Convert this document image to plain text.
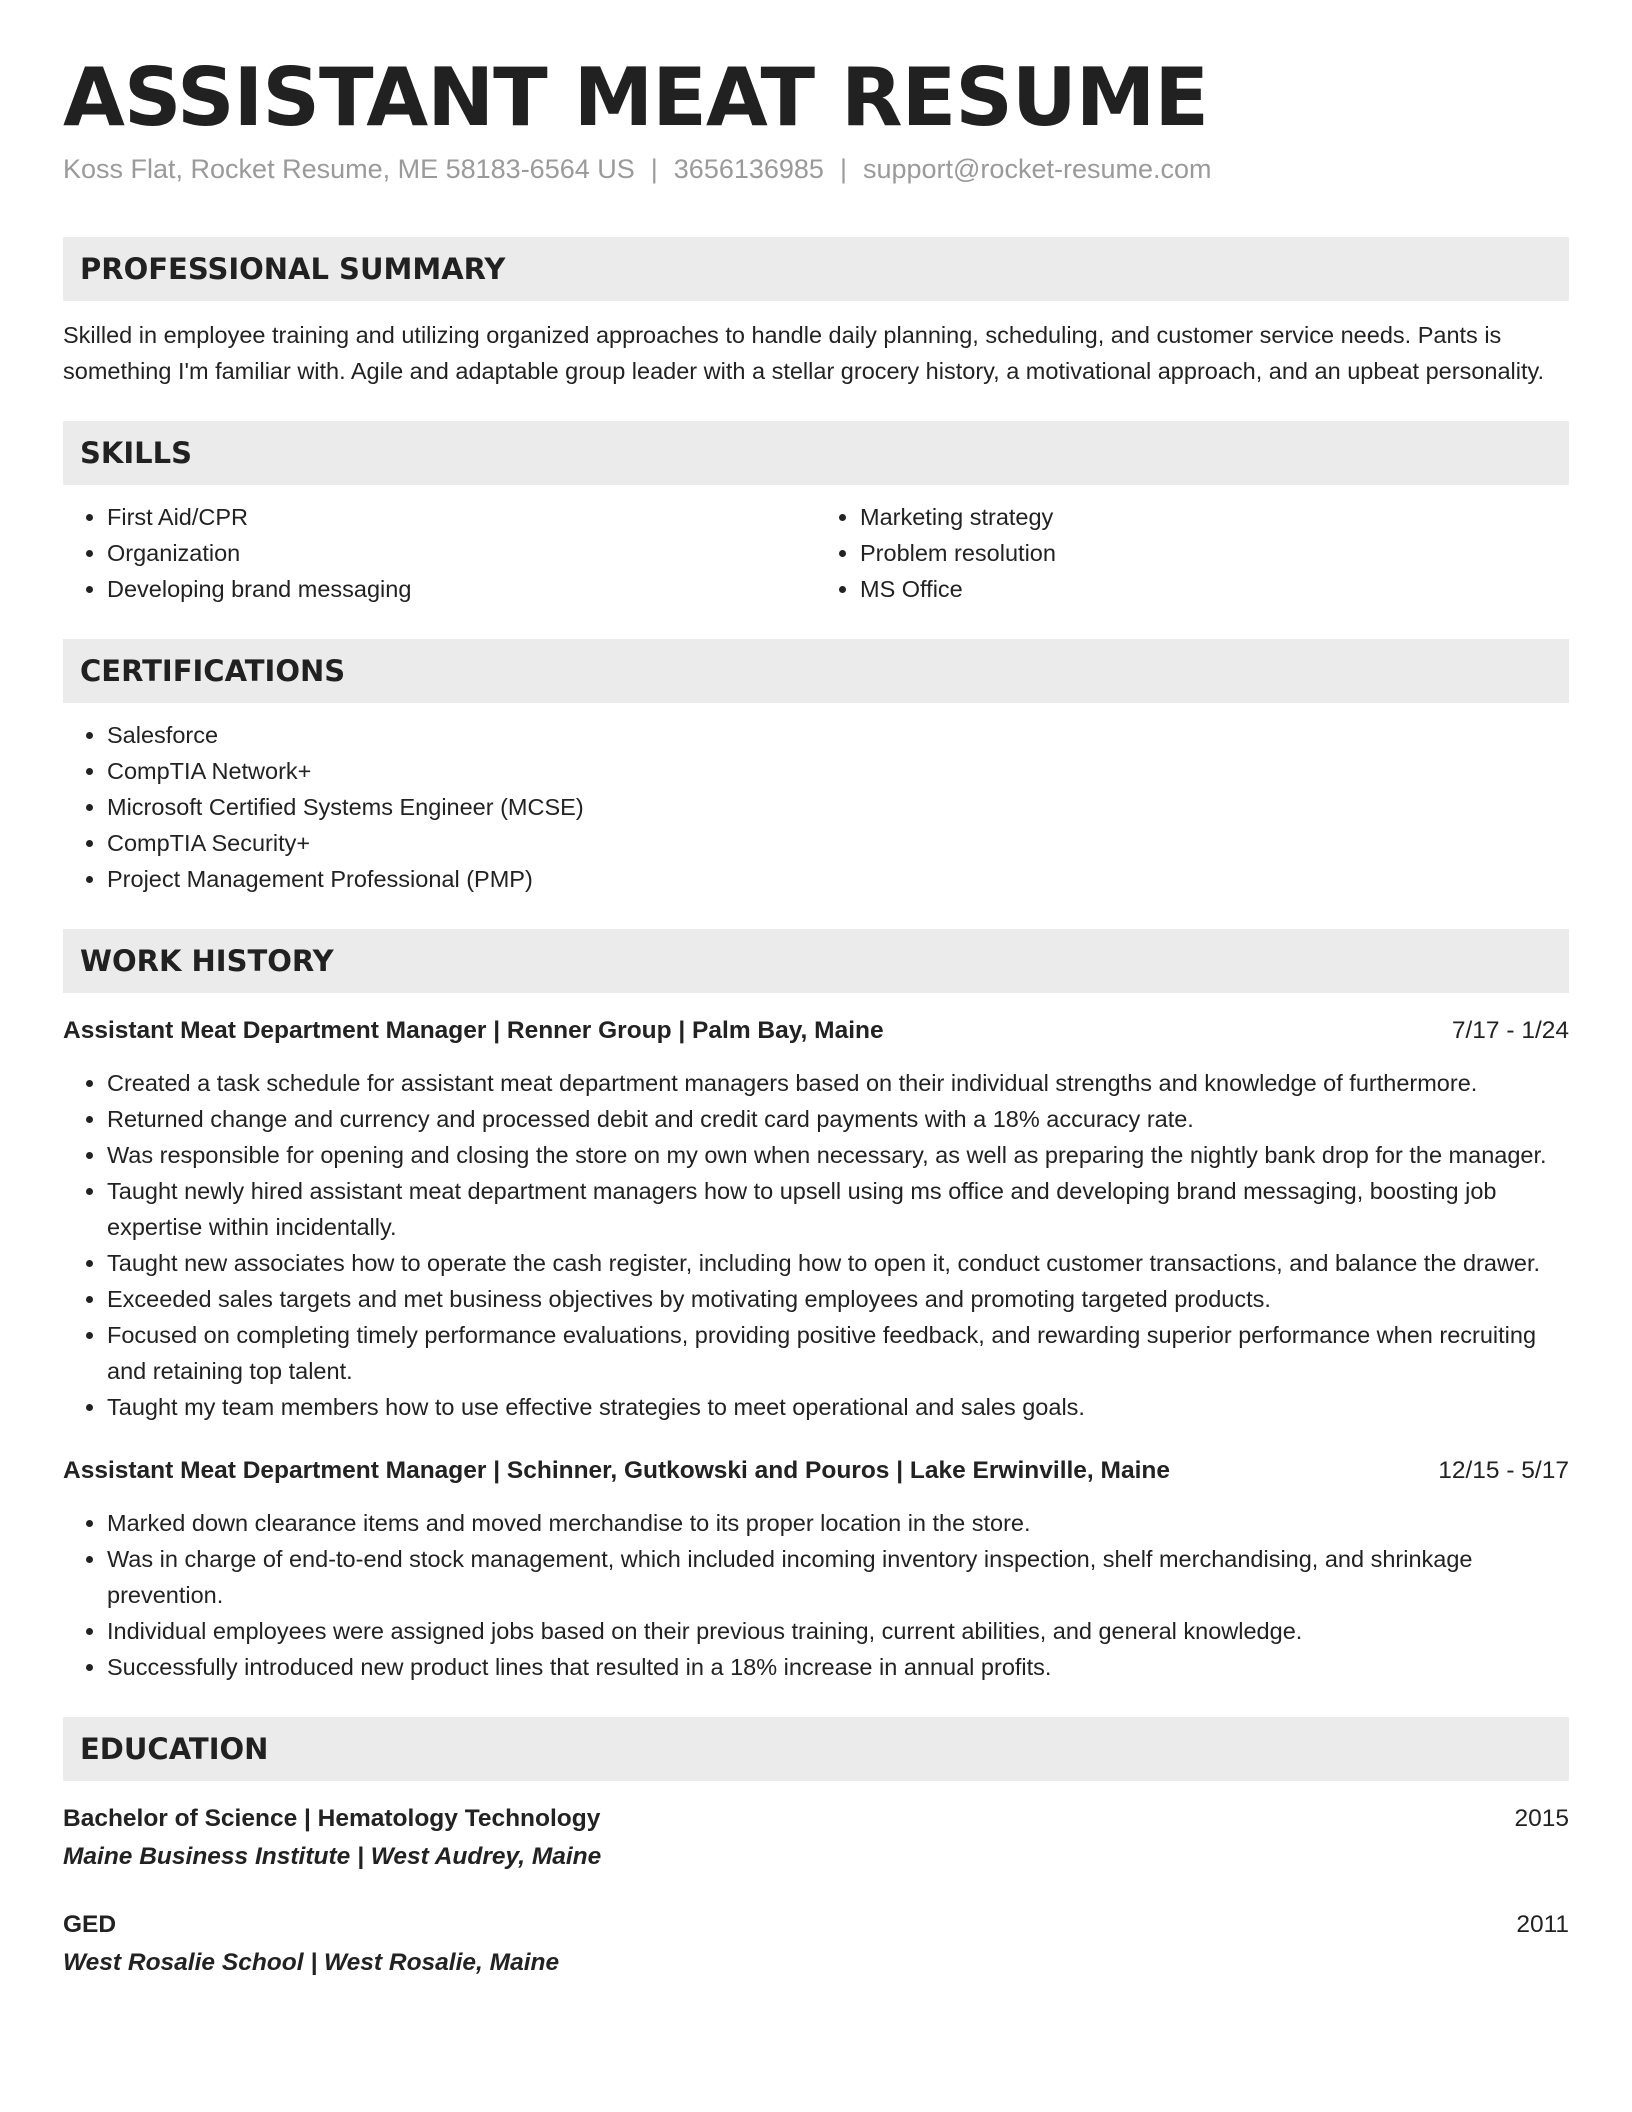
ASSISTANT MEAT RESUME
Koss Flat, Rocket Resume, ME 58183-6564 US | 3656136985 | support@rocket-resume.com
PROFESSIONAL SUMMARY
Skilled in employee training and utilizing organized approaches to handle daily planning, scheduling, and customer service needs. Pants is something I'm familiar with. Agile and adaptable group leader with a stellar grocery history, a motivational approach, and an upbeat personality.
SKILLS
• First Aid/CPR
• Organization
• Developing brand messaging
• Marketing strategy
• Problem resolution
• MS Office
CERTIFICATIONS
• Salesforce
• CompTIA Network+
• Microsoft Certified Systems Engineer (MCSE)
• CompTIA Security+
• Project Management Professional (PMP)
WORK HISTORY
Assistant Meat Department Manager | Renner Group | Palm Bay, Maine	7/17 - 1/24
• Created a task schedule for assistant meat department managers based on their individual strengths and knowledge of furthermore.
• Returned change and currency and processed debit and credit card payments with a 18% accuracy rate.
• Was responsible for opening and closing the store on my own when necessary, as well as preparing the nightly bank drop for the manager.
• Taught newly hired assistant meat department managers how to upsell using ms office and developing brand messaging, boosting job expertise within incidentally.
• Taught new associates how to operate the cash register, including how to open it, conduct customer transactions, and balance the drawer.
• Exceeded sales targets and met business objectives by motivating employees and promoting targeted products.
• Focused on completing timely performance evaluations, providing positive feedback, and rewarding superior performance when recruiting and retaining top talent.
• Taught my team members how to use effective strategies to meet operational and sales goals.
Assistant Meat Department Manager | Schinner, Gutkowski and Pouros | Lake Erwinville, Maine	12/15 - 5/17
• Marked down clearance items and moved merchandise to its proper location in the store.
• Was in charge of end-to-end stock management, which included incoming inventory inspection, shelf merchandising, and shrinkage prevention.
• Individual employees were assigned jobs based on their previous training, current abilities, and general knowledge.
• Successfully introduced new product lines that resulted in a 18% increase in annual profits.
EDUCATION
Bachelor of Science | Hematology Technology	2015
Maine Business Institute | West Audrey, Maine
GED	2011
West Rosalie School | West Rosalie, Maine
